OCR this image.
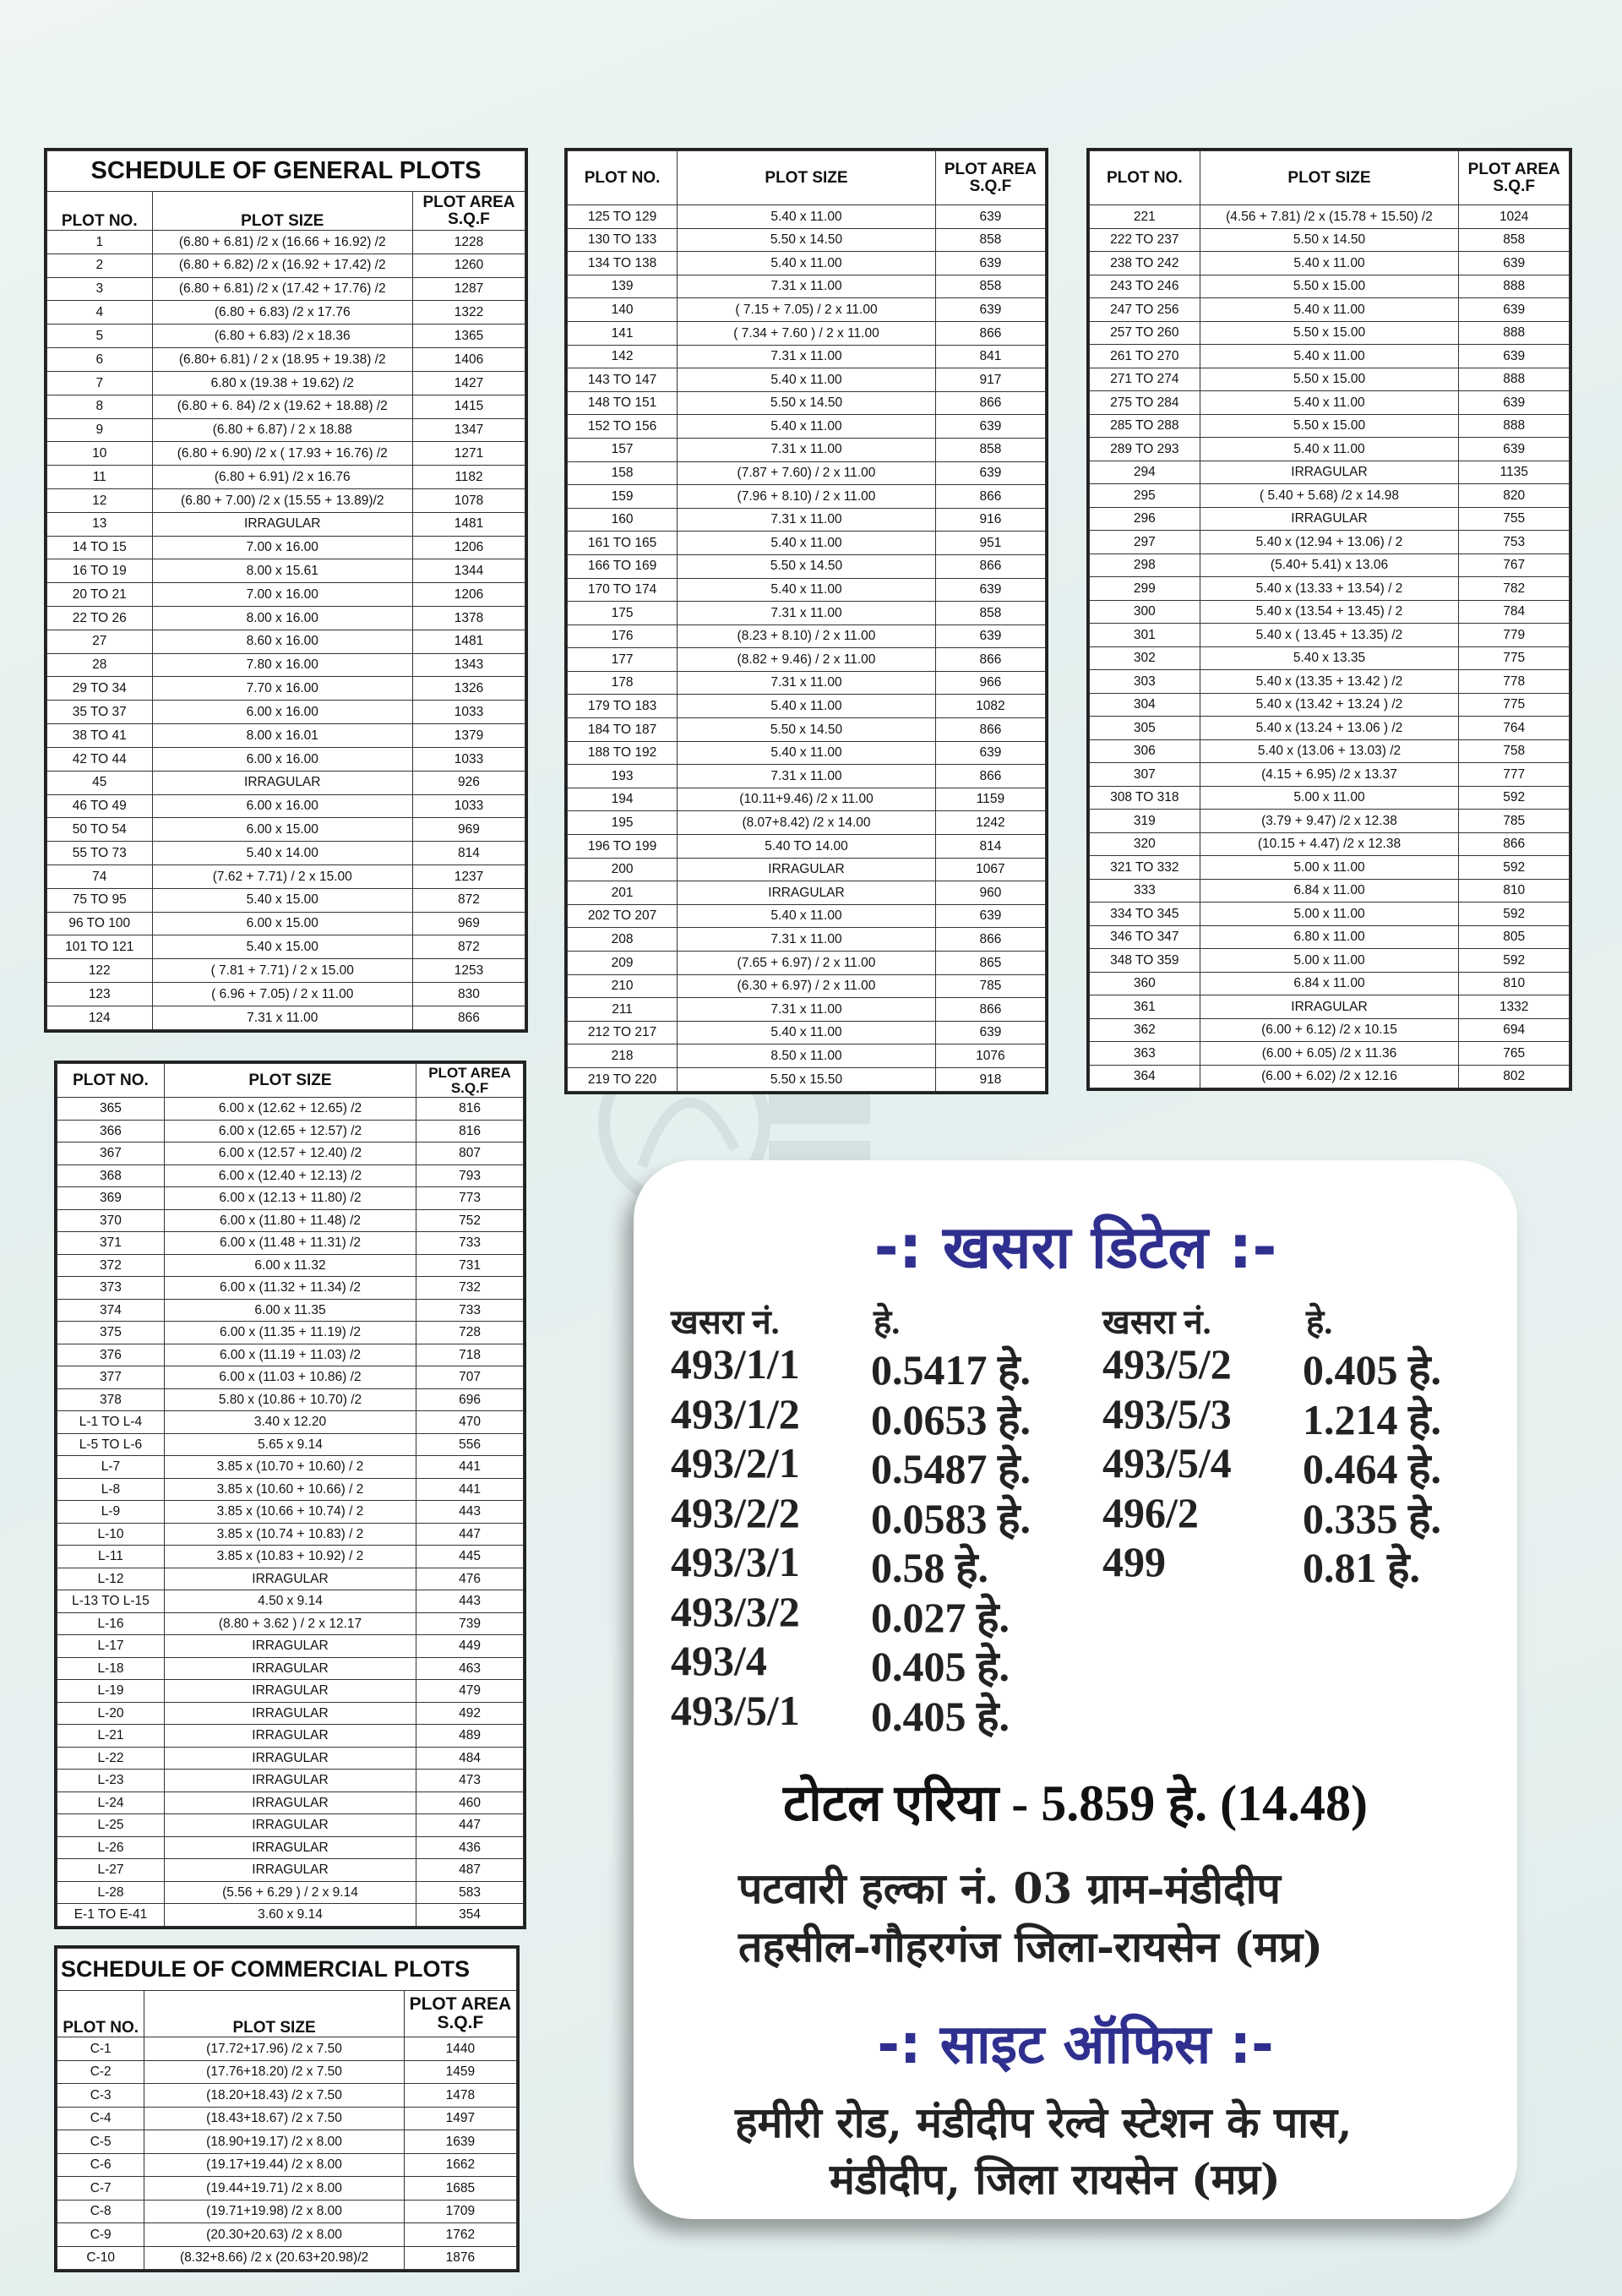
SCHEDULE OF GENERAL PLOTS		
PLOT NO.	PLOT SIZE	PLOT AREA S.Q.F
1	(6.80 + 6.81) /2 x (16.66 + 16.92) /2	1228
2	(6.80 + 6.82) /2 x (16.92 + 17.42) /2	1260
3	(6.80 + 6.81) /2 x (17.42 + 17.76) /2	1287
4	(6.80 + 6.83) /2 x 17.76	1322
5	(6.80 + 6.83) /2 x 18.36	1365
6	(6.80+ 6.81) / 2 x (18.95 + 19.38) /2	1406
7	6.80 x (19.38 + 19.62) /2	1427
8	(6.80 + 6. 84) /2 x (19.62 + 18.88) /2	1415
9	(6.80 + 6.87) / 2 x 18.88	1347
10	(6.80 + 6.90) /2 x ( 17.93 + 16.76) /2	1271
11	(6.80 + 6.91) /2 x 16.76	1182
12	(6.80 + 7.00) /2 x (15.55 + 13.89)/2	1078
13	IRRAGULAR	1481
14 TO 15	7.00 x 16.00	1206
16 TO 19	8.00 x 15.61	1344
20 TO 21	7.00 x 16.00	1206
22 TO 26	8.00 x 16.00	1378
27	8.60 x 16.00	1481
28	7.80 x 16.00	1343
29 TO 34	7.70 x 16.00	1326
35 TO 37	6.00 x 16.00	1033
38 TO 41	8.00 x 16.01	1379
42 TO 44	6.00 x 16.00	1033
45	IRRAGULAR	926
46 TO 49	6.00 x 16.00	1033
50 TO 54	6.00 x 15.00	969
55 TO 73	5.40 x 14.00	814
74	(7.62 + 7.71) / 2 x 15.00	1237
75 TO 95	5.40 x 15.00	872
96 TO 100	6.00 x 15.00	969
101 TO 121	5.40 x 15.00	872
122	( 7.81 + 7.71) / 2 x 15.00	1253
123	( 6.96 + 7.05) / 2 x 11.00	830
124	7.31 x 11.00	866
PLOT NO.	PLOT SIZE	PLOT AREA S.Q.F
125 TO 129	5.40 x 11.00	639
130 TO 133	5.50 x 14.50	858
134 TO 138	5.40 x 11.00	639
139	7.31 x 11.00	858
140	( 7.15 + 7.05) / 2 x 11.00	639
141	( 7.34 + 7.60 ) / 2 x 11.00	866
142	7.31 x 11.00	841
143 TO 147	5.40 x 11.00	917
148 TO 151	5.50 x 14.50	866
152 TO 156	5.40 x 11.00	639
157	7.31 x 11.00	858
158	(7.87 + 7.60) / 2 x 11.00	639
159	(7.96 + 8.10) / 2 x 11.00	866
160	7.31 x 11.00	916
161 TO 165	5.40 x 11.00	951
166 TO 169	5.50 x 14.50	866
170 TO 174	5.40 x 11.00	639
175	7.31 x 11.00	858
176	(8.23 + 8.10) / 2 x 11.00	639
177	(8.82 + 9.46) / 2 x 11.00	866
178	7.31 x 11.00	966
179 TO 183	5.40 x 11.00	1082
184 TO 187	5.50 x 14.50	866
188 TO 192	5.40 x 11.00	639
193	7.31 x 11.00	866
194	(10.11+9.46) /2 x 11.00	1159
195	(8.07+8.42) /2 x 14.00	1242
196 TO 199	5.40 TO 14.00	814
200	IRRAGULAR	1067
201	IRRAGULAR	960
202 TO 207	5.40 x 11.00	639
208	7.31 x 11.00	866
209	(7.65 + 6.97) / 2 x 11.00	865
210	(6.30 + 6.97) / 2 x 11.00	785
211	7.31 x 11.00	866
212 TO 217	5.40 x 11.00	639
218	8.50 x 11.00	1076
219 TO 220	5.50 x 15.50	918
PLOT NO.	PLOT SIZE	PLOT AREA S.Q.F
221	(4.56 + 7.81) /2 x (15.78 + 15.50) /2	1024
222 TO 237	5.50 x 14.50	858
238 TO 242	5.40 x 11.00	639
243 TO 246	5.50 x 15.00	888
247 TO 256	5.40 x 11.00	639
257 TO 260	5.50 x 15.00	888
261 TO 270	5.40 x 11.00	639
271 TO 274	5.50 x 15.00	888
275 TO 284	5.40 x 11.00	639
285 TO 288	5.50 x 15.00	888
289 TO 293	5.40 x 11.00	639
294	IRRAGULAR	1135
295	( 5.40 + 5.68) /2 x 14.98	820
296	IRRAGULAR	755
297	5.40 x (12.94 + 13.06) / 2	753
298	(5.40+ 5.41) x 13.06	767
299	5.40 x (13.33 + 13.54) / 2	782
300	5.40 x (13.54 + 13.45) / 2	784
301	5.40 x ( 13.45 + 13.35) /2	779
302	5.40 x 13.35	775
303	5.40 x (13.35 + 13.42 ) /2	778
304	5.40 x (13.42 + 13.24 ) /2	775
305	5.40 x (13.24 + 13.06 ) /2	764
306	5.40 x (13.06 + 13.03) /2	758
307	(4.15 + 6.95) /2 x 13.37	777
308 TO 318	5.00 x 11.00	592
319	(3.79 + 9.47) /2 x 12.38	785
320	(10.15 + 4.47) /2 x 12.38	866
321 TO 332	5.00 x 11.00	592
333	6.84 x 11.00	810
334 TO 345	5.00 x 11.00	592
346 TO 347	6.80 x 11.00	805
348 TO 359	5.00 x 11.00	592
360	6.84 x 11.00	810
361	IRRAGULAR	1332
362	(6.00 + 6.12) /2 x 10.15	694
363	(6.00 + 6.05) /2 x 11.36	765
364	(6.00 + 6.02) /2 x 12.16	802
PLOT NO.	PLOT SIZE	PLOT AREA S.Q.F
365	6.00 x (12.62 + 12.65) /2	816
366	6.00 x (12.65 + 12.57) /2	816
367	6.00 x (12.57 + 12.40) /2	807
368	6.00 x (12.40 + 12.13) /2	793
369	6.00 x (12.13 + 11.80) /2	773
370	6.00 x (11.80 + 11.48) /2	752
371	6.00 x (11.48 + 11.31) /2	733
372	6.00 x 11.32	731
373	6.00 x (11.32 + 11.34) /2	732
374	6.00 x 11.35	733
375	6.00 x (11.35 + 11.19) /2	728
376	6.00 x (11.19 + 11.03) /2	718
377	6.00 x (11.03 + 10.86) /2	707
378	5.80 x (10.86 + 10.70) /2	696
L-1 TO L-4	3.40 x 12.20	470
L-5 TO L-6	5.65 x 9.14	556
L-7	3.85 x (10.70 + 10.60) / 2	441
L-8	3.85 x (10.60 + 10.66) / 2	441
L-9	3.85 x (10.66 + 10.74) / 2	443
L-10	3.85 x (10.74 + 10.83) / 2	447
L-11	3.85 x (10.83 + 10.92) / 2	445
L-12	IRRAGULAR	476
L-13 TO L-15	4.50 x 9.14	443
L-16	(8.80 + 3.62 ) / 2 x 12.17	739
L-17	IRRAGULAR	449
L-18	IRRAGULAR	463
L-19	IRRAGULAR	479
L-20	IRRAGULAR	492
L-21	IRRAGULAR	489
L-22	IRRAGULAR	484
L-23	IRRAGULAR	473
L-24	IRRAGULAR	460
L-25	IRRAGULAR	447
L-26	IRRAGULAR	436
L-27	IRRAGULAR	487
L-28	(5.56 + 6.29 ) / 2 x 9.14	583
E-1 TO E-41	3.60 x 9.14	354
SCHEDULE OF COMMERCIAL PLOTS		
PLOT NO.	PLOT SIZE	PLOT AREA S.Q.F
C-1	(17.72+17.96) /2 x 7.50	1440
C-2	(17.76+18.20) /2 x 7.50	1459
C-3	(18.20+18.43) /2 x 7.50	1478
C-4	(18.43+18.67) /2 x 7.50	1497
C-5	(18.90+19.17) /2 x 8.00	1639
C-6	(19.17+19.44) /2 x 8.00	1662
C-7	(19.44+19.71) /2 x 8.00	1685
C-8	(19.71+19.98) /2 x 8.00	1709
C-9	(20.30+20.63) /2 x 8.00	1762
C-10	(8.32+8.66) /2 x (20.63+20.98)/2	1876
-: खसरा डिटेल :-
खसरा नं.	हे.	खसरा नं.	हे.
493/1/1 0.5417 हे.
493/1/2 0.0653 हे.
493/2/1 0.5487 हे.
493/2/2 0.0583 हे.
493/3/1 0.58 हे.
493/3/2 0.027 हे.
493/4 0.405 हे.
493/5/1 0.405 हे.
493/5/2 0.405 हे.
493/5/3 1.214 हे.
493/5/4 0.464 हे.
496/2 0.335 हे.
499	0.81 हे.
टोटल एरिया - 5.859 हे. (14.48)
पटवारी हल्का नं. 03 ग्राम-मंडीदीप
तहसील-गौहरगंज जिला-रायसेन (मप्र)
-: साइट ऑफिस :-
हमीरी रोड, मंडीदीप रेल्वे स्टेशन के पास,
मंडीदीप, जिला रायसेन (मप्र)
